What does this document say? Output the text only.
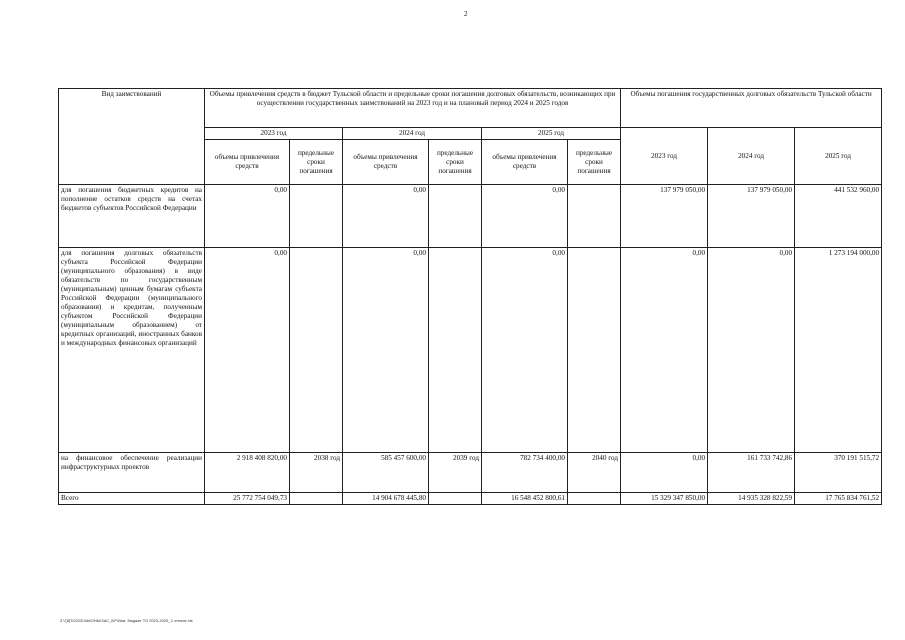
2
Вид заимствований	Объемы привлечения средств в бюджет Тульской области и предельные сроки погашения долговых обязательств, возникающих при осуществлении государственных заимствований на 2023 год и на плановый период 2024 и 2025 годов						Объемы погашения государственных долговых обязательств Тульской области		
	2023 год		2024 год		2025 год		2023 год	2024 год	2025 год
	объемы привлечения средств	предельные сроки погашения	объемы привлечения средств	предельные сроки погашения	объемы привлечения средств	предельные сроки погашения			
для погашения бюджетных кредитов на пополнение остатков средств на счетах бюджетов субъектов Российской Федерации	0,00		0,00		0,00		137 979 050,00	137 979 050,00	441 532 960,00
для погашения долговых обязательств субъекта Российской Федерации (муниципального образования) в виде обязательств по государственным (муниципальным) ценным бумагам субъекта Российской Федерации (муниципального образования) и кредитам, полученным субъектом Российской Федерации (муниципальным образованием) от кредитных организаций, иностранных банков и международных финансовых организаций	0,00		0,00		0,00		0,00	0,00	1 273 194 000,00
на финансовое обеспечение реализации инфраструктурных проектов	2 918 408 820,00	2038 год	585 457 600,00	2039 год	782 734 400,00	2040 год	0,00	161 733 742,86	370 191 515,72
Всего	25 772 754 049,73		14 904 678 445,80		16 548 452 800,61		15 329 347 850,00	14 935 328 822,59	17 765 834 761,52
Z:\ГДП\2023\ЗАКОНЫ\ЗАС_БР\Изм. бюджет ТО 2023-2025_2 чтение.xls
